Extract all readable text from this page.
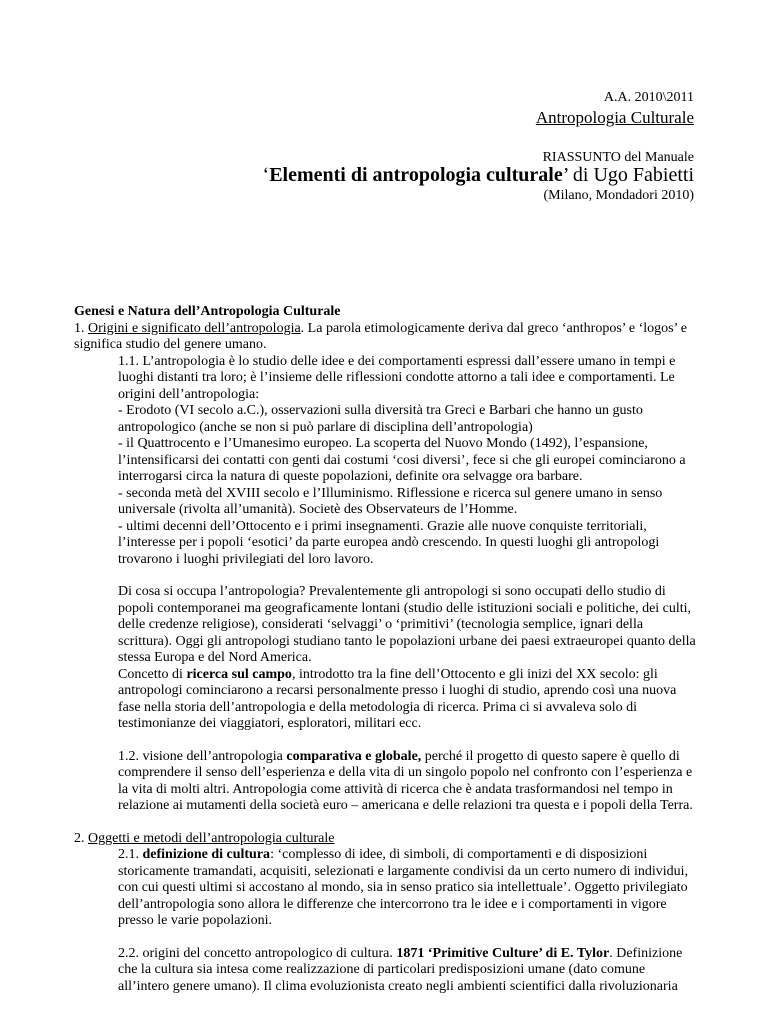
A.A. 2010\2011
Antropologia Culturale
RIASSUNTO del Manuale
‘Elementi di antropologia culturale’ di Ugo Fabietti
(Milano, Mondadori 2010)

Genesi e Natura dell’Antropologia Culturale

1. Origini e significato dell’antropologia. La parola etimologicamente deriva dal greco ‘anthropos’ e ‘logos’ e significa studio del genere umano.

1.1. L’antropologia è lo studio delle idee e dei comportamenti espressi dall’essere umano in tempi e luoghi distanti tra loro; è l’insieme delle riflessioni condotte attorno a tali idee e comportamenti. Le origini dell’antropologia:

- Erodoto (VI secolo a.C.), osservazioni sulla diversità tra Greci e Barbari che hanno un gusto antropologico (anche se non si può parlare di disciplina dell’antropologia)

- il Quattrocento e l’Umanesimo europeo. La scoperta del Nuovo Mondo (1492), l’espansione, l’intensificarsi dei contatti con genti dai costumi ‘cosi diversi’, fece si che gli europei cominciarono a interrogarsi circa la natura di queste popolazioni, definite ora selvagge ora barbare.

- seconda metà del XVIII secolo e l’Illuminismo. Riflessione e ricerca sul genere umano in senso universale (rivolta all’umanità). Societè des Observateurs de l’Homme.

- ultimi decenni dell’Ottocento e i primi insegnamenti. Grazie alle nuove conquiste territoriali, l’interesse per i popoli ‘esotici’ da parte europea andò crescendo. In questi luoghi gli antropologi trovarono i luoghi privilegiati del loro lavoro.

Di cosa si occupa l’antropologia? Prevalentemente gli antropologi si sono occupati dello studio di popoli contemporanei ma geograficamente lontani (studio delle istituzioni sociali e politiche, dei culti, delle credenze religiose), considerati ‘selvaggi’ o ‘primitivi’ (tecnologia semplice, ignari della scrittura). Oggi gli antropologi studiano tanto le popolazioni urbane dei paesi extraeuropei quanto della stessa Europa e del Nord America.

Concetto di ricerca sul campo, introdotto tra la fine dell’Ottocento e gli inizi del XX secolo: gli antropologi cominciarono a recarsi personalmente presso i luoghi di studio, aprendo così una nuova fase nella storia dell’antropologia e della metodologia di ricerca. Prima ci si avvaleva solo di testimonianze dei viaggiatori, esploratori, militari ecc.

1.2. visione dell’antropologia comparativa e globale, perché il progetto di questo sapere è quello di comprendere il senso dell’esperienza e della vita di un singolo popolo nel confronto con l’esperienza e la vita di molti altri. Antropologia come attività di ricerca che è andata trasformandosi nel tempo in relazione ai mutamenti della società euro – americana e delle relazioni tra questa e i popoli della Terra.

2. Oggetti e metodi dell’antropologia culturale

2.1. definizione di cultura: ‘complesso di idee, di simboli, di comportamenti e di disposizioni storicamente tramandati, acquisiti, selezionati e largamente condivisi da un certo numero di individui, con cui questi ultimi si accostano al mondo, sia in senso pratico sia intellettuale’. Oggetto privilegiato dell’antropologia sono allora le differenze che intercorrono tra le idee e i comportamenti in vigore presso le varie popolazioni.

2.2. origini del concetto antropologico di cultura. 1871 ‘Primitive Culture’ di E. Tylor. Definizione che la cultura sia intesa come realizzazione di particolari predisposizioni umane (dato comune all’intero genere umano). Il clima evoluzionista creato negli ambienti scientifici dalla rivoluzionaria
